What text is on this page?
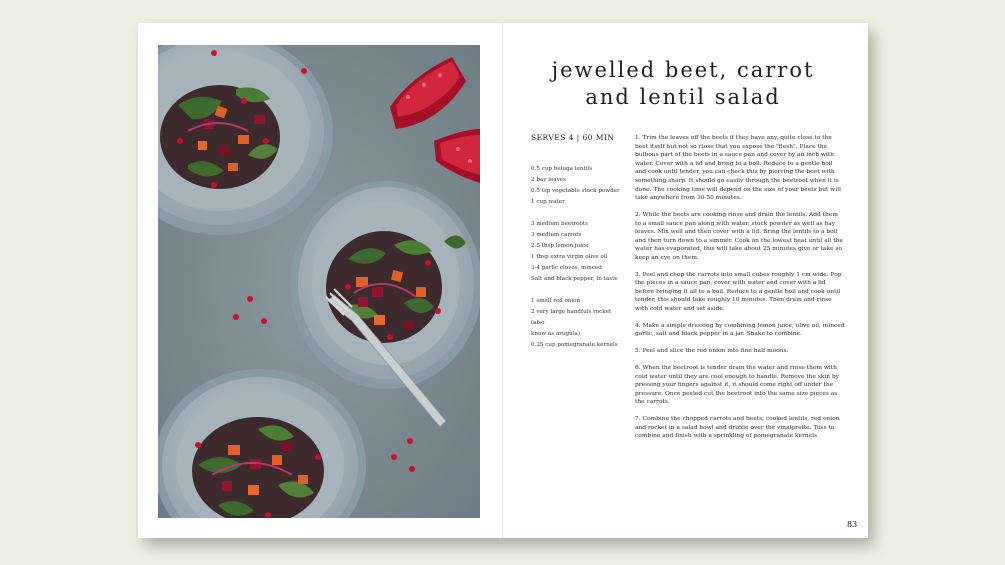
jewelled beet, carrot
and lentil salad
SERVES 4 | 60 MIN
0.5 cup beluga lentils
2 bay leaves
0.5 tsp vegetable stock powder
1 cup water
3 medium beetroots
3 medium carrots
2.5 tbsp lemon juice
1 tbsp extra virgin olive oil
3-4 garlic cloves, minced
Salt and black pepper, to taste
1 small red onion
2 very large handfuls rocket (also
know as arugula)
0.25 cup pomegranate kernels

1. Trim the leaves off the beets if they have any, quite close to the beet itself but not so close that you expose the "flesh". Place the bulbous part of the beets in a sauce pan and cover by an inch with water. Cover with a lid and bring to a boil. Reduce to a gentle boil and cook until tender, you can check this by piercing the beet with something sharp. It should go easily through the beetroot when it is done. The cooking time will depend on the size of your beets but will take anywhere from 30-50 minutes.

2. While the beets are cooking rinse and drain the lentils. Add them to a small sauce pan along with water, stock powder as well as bay leaves. Mix well and then cover with a lid. Bring the lentils to a boil and then turn down to a simmer. Cook on the lowest heat until all the water has evaporated, this will take about 25 minutes give or take so keep an eye on them.

3. Peel and chop the carrots into small cubes roughly 1 cm wide. Pop the pieces in a sauce pan, cover with water and cover with a lid before bringing it all to a boil. Reduce to a gentle boil and cook until tender, this should take roughly 10 minutes. Then drain and rinse with cold water and set aside.

4. Make a simple dressing by combining lemon juice, olive oil, minced garlic, salt and black pepper in a jar. Shake to combine.

5. Peel and slice the red onion into fine half moons.

6. When the beetroot is tender drain the water and rinse them with cold water until they are cool enough to handle. Remove the skin by pressing your fingers against it, it should come right off under the pressure. Once peeled cut the beetroot into the same size pieces as the carrots.

7. Combine the chopped carrots and beets, cooked lentils, red onion and rocket in a salad bowl and drizzle over the vinaigrette. Toss to combine and finish with a sprinkling of pomegranate kernels.

83
